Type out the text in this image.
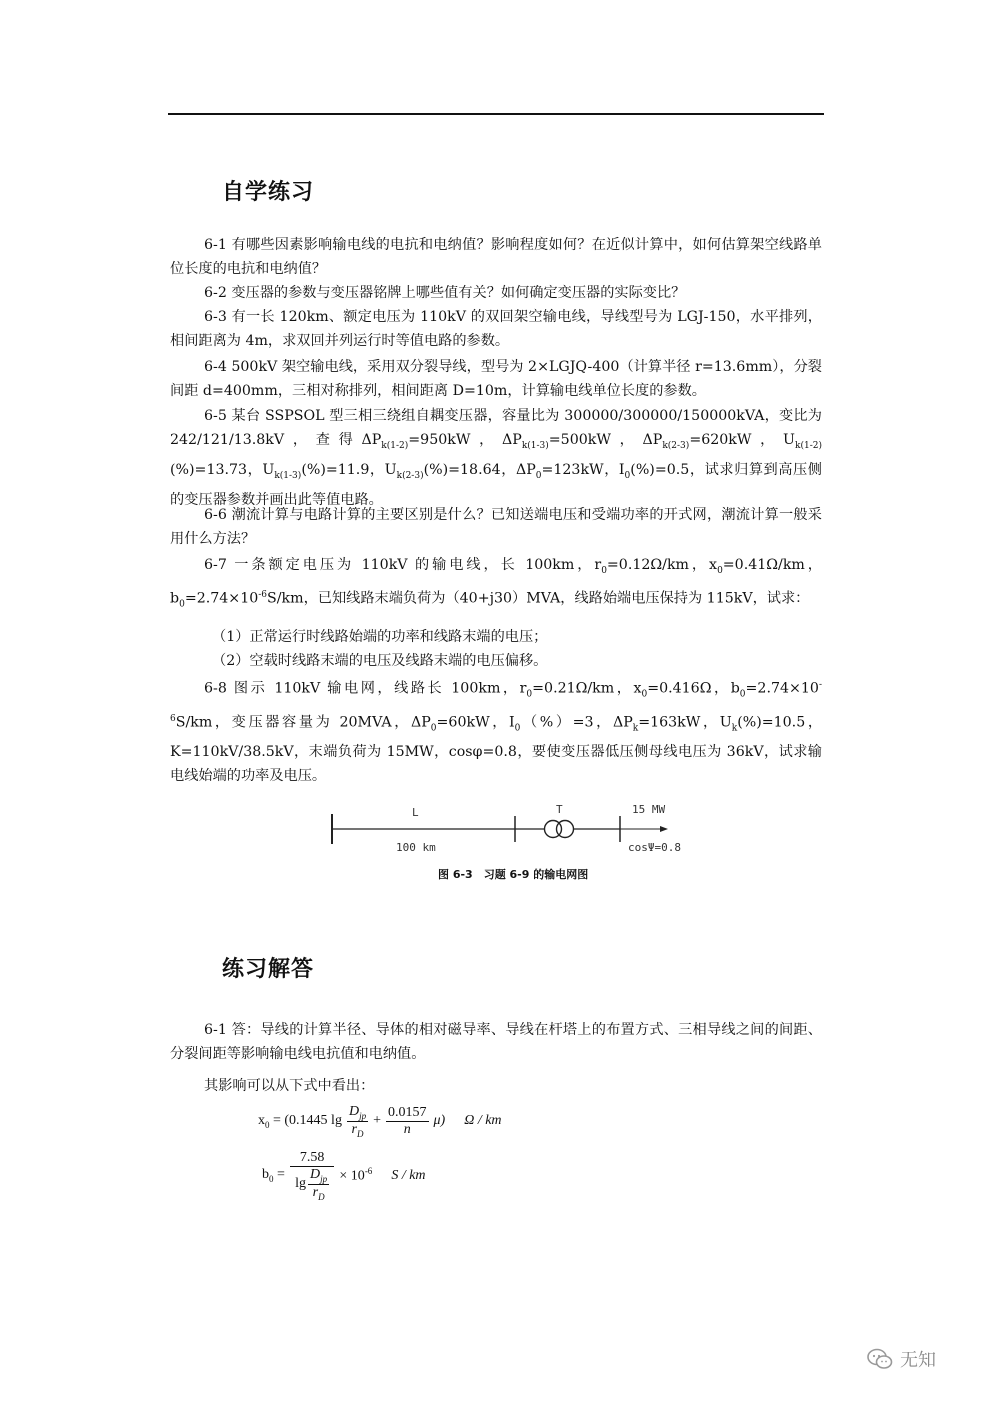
自学练习
6-1 有哪些因素影响输电线的电抗和电纳值？影响程度如何？在近似计算中，如何估算架空线路单位长度的电抗和电纳值？
6-2 变压器的参数与变压器铭牌上哪些值有关？如何确定变压器的实际变比？
6-3 有一长 120km、额定电压为 110kV 的双回架空输电线，导线型号为 LGJ-150，水平排列，相间距离为 4m，求双回并列运行时等值电路的参数。
6-4 500kV 架空输电线，采用双分裂导线，型号为 2×LGJQ-400（计算半径 r=13.6mm），分裂间距 d=400mm，三相对称排列，相间距离 D=10m，计算输电线单位长度的参数。
6-5 某台 SSPSOL 型三相三绕组自耦变压器，容量比为 300000/300000/150000kVA，变比为 242/121/13.8kV，查得$\Delta P_{k(1-2)}=950kW$，$\Delta P_{k(1-3)}=500kW$，$\Delta P_{k(2-3)}=620kW$，$U_{k(1-2)}(\%)=13.73$，$U_{k(1-3)}(\%)=11.9$，$U_{k(2-3)}(\%)=18.64$，$\Delta P_0=123kW$，$I_0(\%)=0.5$，试求归算到高压侧的变压器参数并画出此等值电路。
6-6 潮流计算与电路计算的主要区别是什么？已知送端电压和受端功率的开式网，潮流计算一般采用什么方法？
6-7 一条额定电压为 110kV 的输电线，长 100km，$r_0=0.12\Omega/km$，$x_0=0.41\Omega/km$，$b_0=2.74\times 10^{-6}S/km$，已知线路末端负荷为（40+j30）MVA，线路始端电压保持为 115kV，试求：
（1）正常运行时线路始端的功率和线路末端的电压；
（2）空载时线路末端的电压及线路末端的电压偏移。
6-8 图示 110kV 输电网，线路长 100km，$r_0=0.21\Omega/km$，$x_0=0.416\Omega$，$b_0=2.74\times 10^{-6}S/km$，变压器容量为 20MVA，$\Delta P_0=60kW$，$I_0(\%)=3$，$\Delta P_k=163kW$，$U_k(\%)=10.5$，K=110kV/38.5kV，末端负荷为 15MW，cosφ=0.8，要使变压器低压侧母线电压为 36kV，试求输电线始端的功率及电压。
L	T	15 MW
100 km	cosΨ=0.8
图 6-3　习题 6-9 的输电网图
练习解答
6-1 答：导线的计算半径、导体的相对磁导率、导线在杆塔上的布置方式、三相导线之间的间距、分裂间距等影响输电线电抗值和电纳值。
其影响可以从下式中看出：
$x_0 = (0.1445$ lg
$D_{jp}$
$r_D$
+ $\frac{0.0157}{n} \mu$) Ω / km
$b_0$ =
7.58
lg
$D_{jp}$
$r_D$
× $10^{-6}$ S / km
无知
